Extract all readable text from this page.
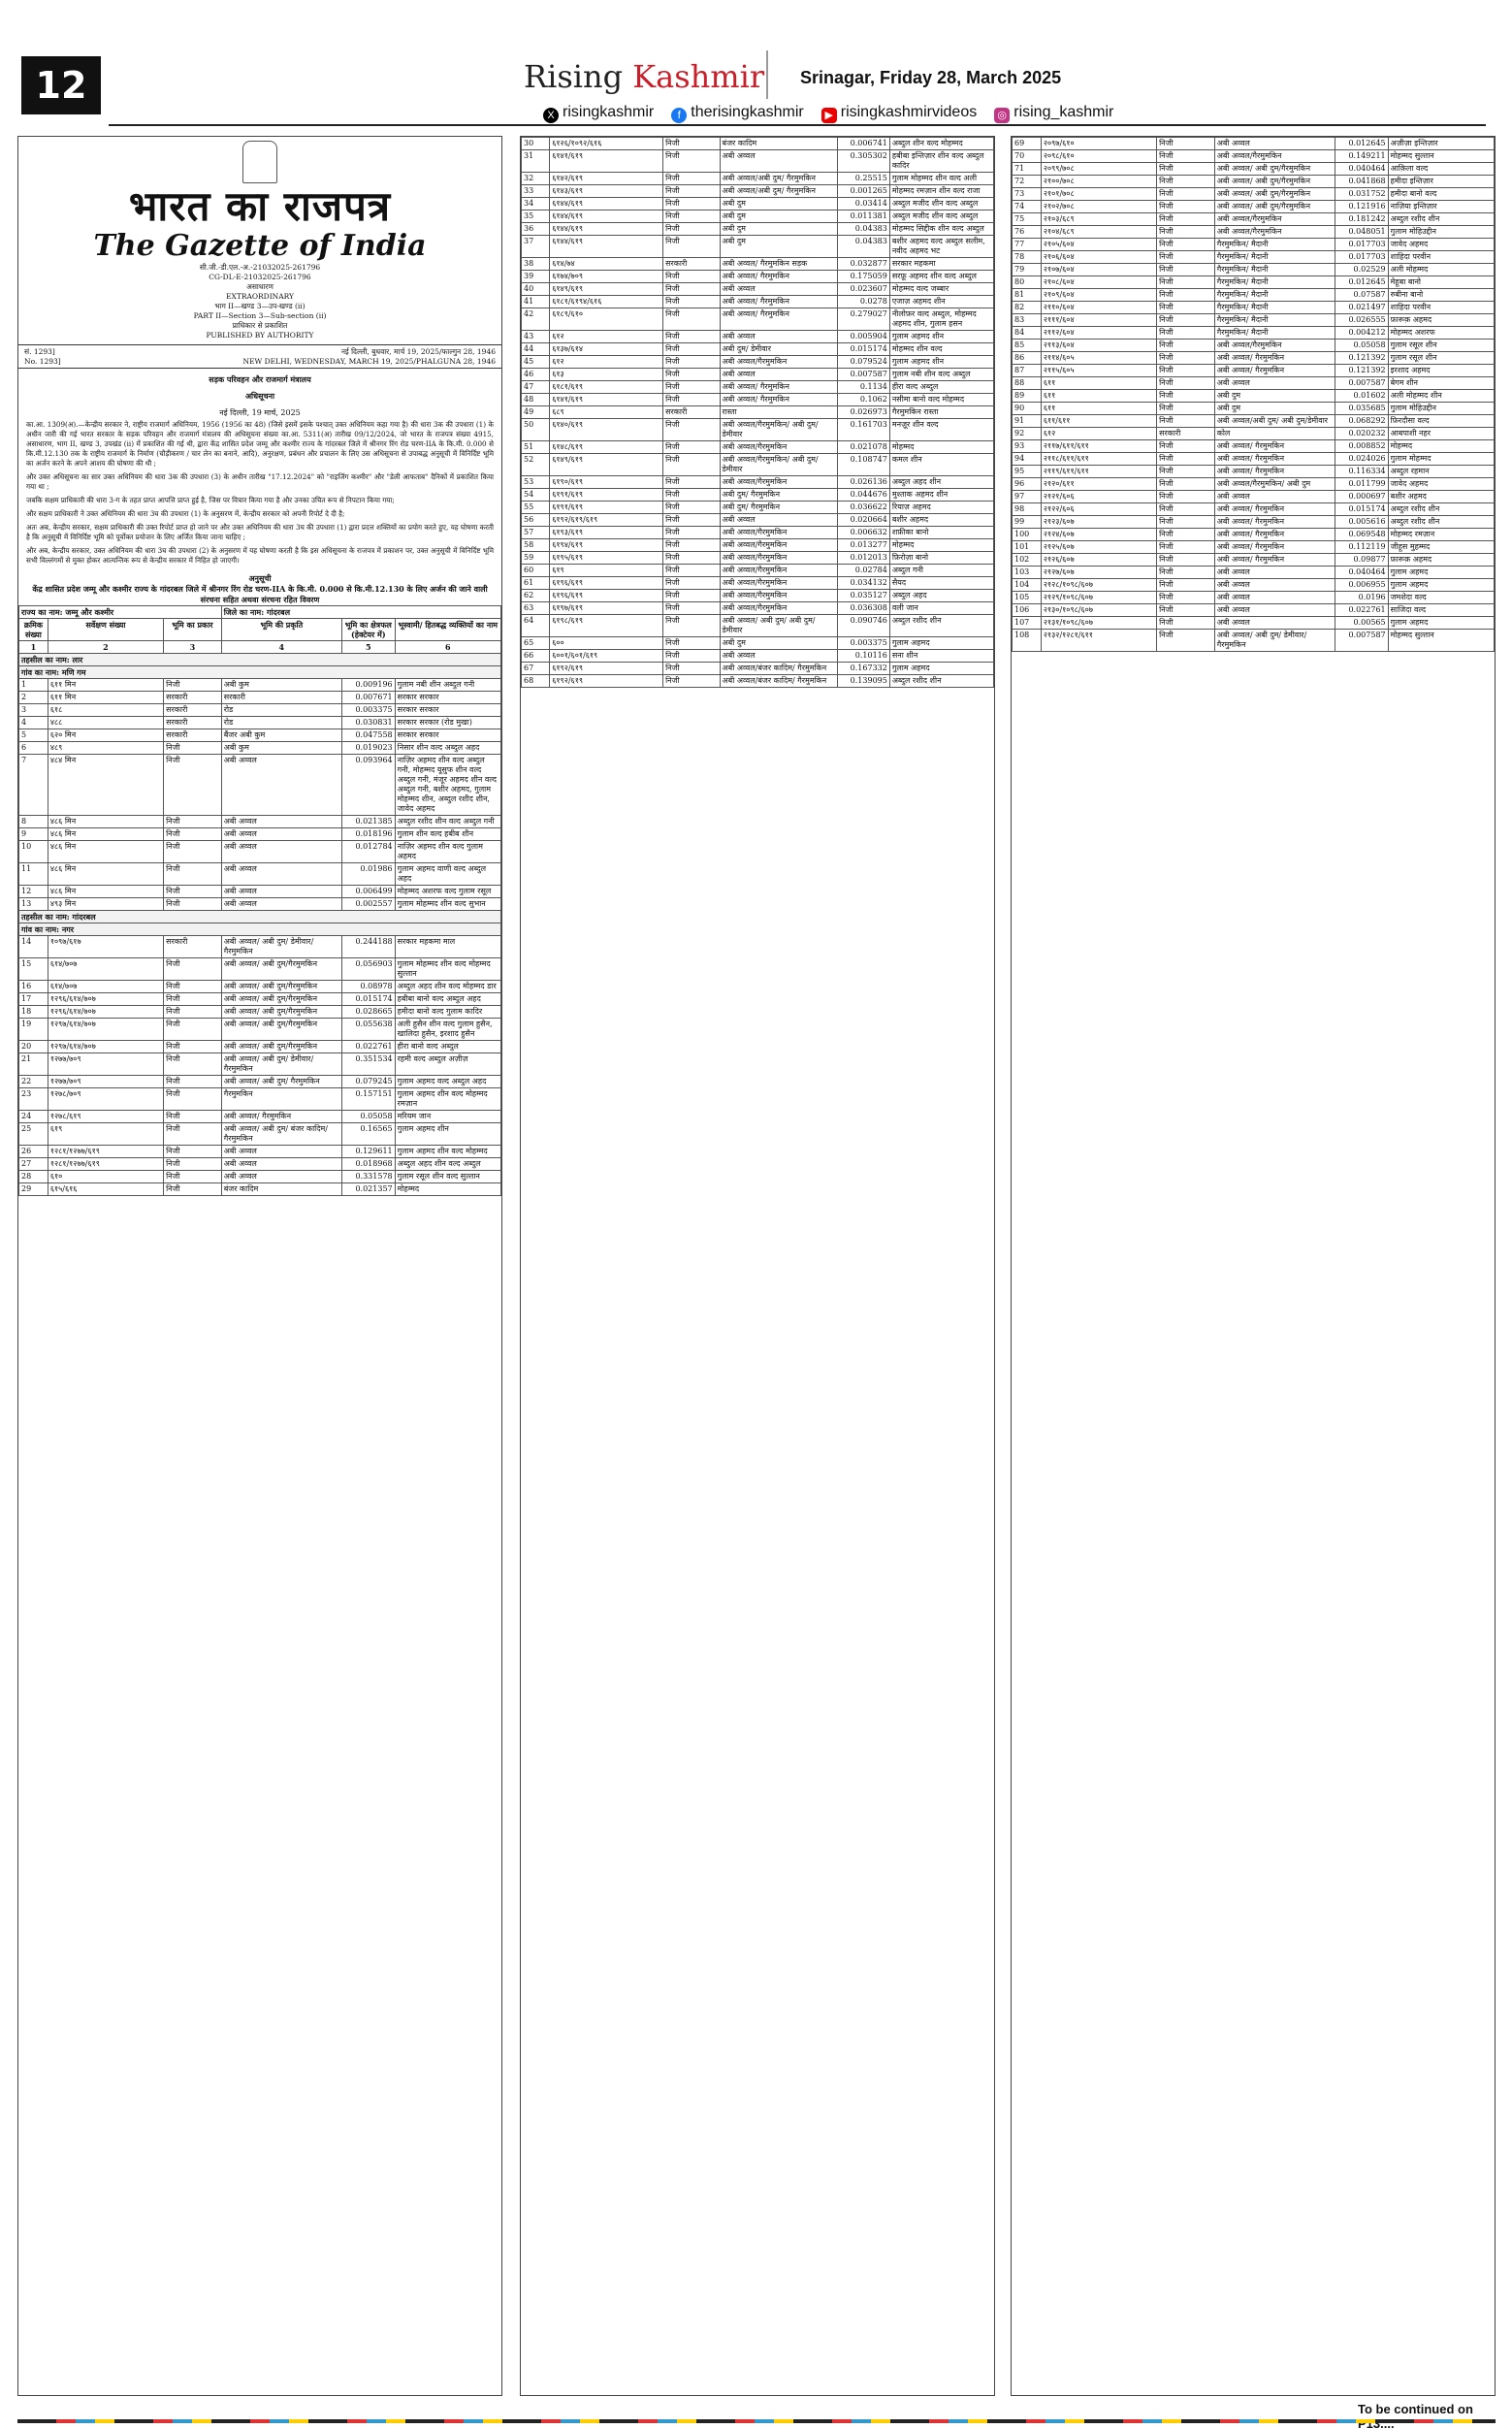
12	Rising Kashmir Srinagar, Friday 28, March 2025
X risingkashmir	f therisingkashmir	▶ risingkashmirvideos ◎ rising_kashmir
भारत का राजपत्र
The Gazette of India
सी.जी.-डी.एल.-अ.-21032025-261796
CG-DL-E-21032025-261796
असाधारण
EXTRAORDINARY
भाग II—खण्ड 3—उप-खण्ड (ii)
PART II—Section 3—Sub-section (ii)
प्राधिकार से प्रकाशित
PUBLISHED BY AUTHORITY
सं. 1293]
No. 1293]
नई दिल्ली, बुधवार, मार्च 19, 2025/फाल्गुन 28, 1946
NEW DELHI, WEDNESDAY, MARCH 19, 2025/PHALGUNA 28, 1946
सड़क परिवहन और राजमार्ग मंत्रालय
अधिसूचना
नई दिल्ली, 19 मार्च, 2025

का.आ. 1309(अ).—केन्द्रीय सरकार ने, राष्ट्रीय राजमार्ग अधिनियम, 1956 (1956 का 48) (जिसे इसमें इसके पश्चात् उक्त अधिनियम कहा गया है) की धारा 3क की उपधारा (1) के अधीन जारी की गई भारत सरकार के सड़क परिवहन और राजमार्ग मंत्रालय की अधिसूचना संख्या का.आ. 5311(अ) तारीख 09/12/2024, जो भारत के राजपत्र संख्या 4915, असाधारण, भाग II, खण्ड 3, उपखंड (ii) में प्रकाशित की गई थी, द्वारा केंद्र शासित प्रदेश जम्मू और कश्मीर राज्य के गांदरबल जिले में श्रीनगर रिंग रोड चरण-IIA के कि.मी. 0.000 से कि.मी.12.130 तक के राष्ट्रीय राजमार्ग के निर्माण (चौड़ीकरण / चार लेन का बनाने, आदि), अनुरक्षण, प्रबंधन और प्रचालन के लिए उस अधिसूचना से उपाबद्ध अनुसूची में विनिर्दिष्ट भूमि का अर्जन करने के अपने आशय की घोषणा की थी ;

और उक्त अधिसूचना का सार उक्त अधिनियम की धारा 3क की उपधारा (3) के अधीन तारीख "17.12.2024" को "राइजिंग कश्मीर" और "डेली आफताब" दैनिकों में प्रकाशित किया गया था ;

जबकि सक्षम प्राधिकारी की धारा 3-ग के तहत प्राप्त आपत्ति प्राप्त हुई है, जिस पर विचार किया गया है और उनका उचित रूप से निपटान किया गया;

और सक्षम प्राधिकारी ने उक्त अधिनियम की धारा 3घ की उपधारा (1) के अनुसरण में, केन्द्रीय सरकार को अपनी रिपोर्ट दे दी है;

अतः अब, केन्द्रीय सरकार, सक्षम प्राधिकारी की उक्त रिपोर्ट प्राप्त हो जाने पर और उक्त अधिनियम की धारा 3घ की उपधारा (1) द्वारा प्रदत्त शक्तियों का प्रयोग करते हुए, यह घोषणा करती है कि अनुसूची में विनिर्दिष्ट भूमि को पूर्वोक्त प्रयोजन के लिए अर्जित किया जाना चाहिए ;

और अब, केन्द्रीय सरकार, उक्त अधिनियम की धारा 3घ की उपधारा (2) के अनुसरण में यह घोषणा करती है कि इस अधिसूचना के राजपत्र में प्रकाशन पर, उक्त अनुसूची में विनिर्दिष्ट भूमि सभी विल्लंगमों से मुक्त होकर आत्यन्तिक रूप से केन्द्रीय सरकार में निहित हो जाएगी।

अनुसूची
केंद्र शासित प्रदेश जम्मू और कश्मीर राज्य के गांदरबल जिले में श्रीनगर रिंग रोड चरण-IIA के कि.मी. 0.000 से कि.मी.12.130 के लिए अर्जन की जाने वाली संरचना सहित अथवा संरचना रहित विवरण
राज्य का नाम: जम्मू और कश्मीर			जिले का नाम: गांदरबल		
क्रमिक संख्या	सर्वेक्षण संख्या	भूमि का प्रकार	भूमि की प्रकृति	भूमि का क्षेत्रफल (हेक्टेयर में)	भूस्वामी/ हितबद्ध व्यक्तियों का नाम
1	2	3	4	5	6
तहसील का नाम: लार					
गांव का नाम: मणि गम					
1	६११ मिन	निजी	अबी कुम	0.009196	गुलाम नबी शीन अब्दुल गनी
2	६११ मिन	सरकारी	सरकारी	0.007671	सरकार सरकार
3	६१८	सरकारी	रोड	0.003375	सरकार सरकार
4	४८८	सरकारी	रोड	0.030831	सरकार सरकार (रोड मुखा)
5	६२० मिन	सरकारी	बैंजर अबी कुम	0.047558	सरकार सरकार
6	४८९	निजी	अबी कुम	0.019023	निसार शीन वल्द अब्दुल अहद
7	४८४ मिन	निजी	अबी अव्वल	0.093964	नाज़िर अहमद शीन वल्द अब्दुल गनी, मोहम्मद यूसुफ शीन वल्द अब्दुल गनी, मंजूर अहमद शीन वल्द अब्दुल गनी, बशीर अहमद, गुलाम मोहम्मद शीन, अब्दुल रशीद शीन, जावेद अहमद
8	४८६ मिन	निजी	अबी अव्वल	0.021385	अब्दुल रशीद शीन वल्द अब्दुल गनी
9	४८६ मिन	निजी	अबी अव्वल	0.018196	गुलाम शीन वल्द हबीब शीन
10	४८६ मिन	निजी	अबी अव्वल	0.012784	नाज़िर अहमद शीन वल्द गुलाम अहमद
11	४८६ मिन	निजी	अबी अव्वल	0.01986	गुलाम अहमद वाणी वल्द अब्दुल अहद
12	४८६ मिन	निजी	अबी अव्वल	0.006499	मोहम्मद अशरफ वल्द गुलाम रसूल
13	४९३ मिन	निजी	अबी अव्वल	0.002557	गुलाम मोहम्मद शीन वल्द सुभान
तहसील का नाम: गांदरबल					
गांव का नाम: नगर					
14	१०९७/६१७	सरकारी	अबी अव्वल/ अबी दुम/ डेमीवार/ गैरमुमकिन	0.244188	सरकार महकमा माल
15	६१४/७०७	निजी	अबी अव्वल/ अबी दुम/गैरमुमकिन	0.056903	गुलाम मोहम्मद शीन वल्द मोहम्मद सुल्तान
16	६१४/७०७	निजी	अबी अव्वल/ अबी दुम/गैरमुमकिन	0.08978	अब्दुल अहद शीन वल्द मोहम्मद डार
17	१२९६/६१४/७०७	निजी	अबी अव्वल/ अबी दुम/गैरमुमकिन	0.015174	हबीबा बानो वल्द अब्दुल अहद
18	१२९६/६१४/७०७	निजी	अबी अव्वल/ अबी दुम/गैरमुमकिन	0.028665	हमीदा बानो वल्द गुलाम कादिर
19	१२९७/६१४/७०७	निजी	अबी अव्वल/ अबी दुम/गैरमुमकिन	0.055638	अली हुसैन शीन वल्द गुलाम हुसैन, खालिदा हुसैन, इरशाद हुसैन
20	१२९७/६१४/७०७	निजी	अबी अव्वल/ अबी दुम/गैरमुमकिन	0.022761	हीरा बानो वल्द अब्दुल
21	१२७७/७०९	निजी	अबी अव्वल/ अबी दुम/ डेमीवार/ गैरमुमकिन	0.351534	रहमी वल्द अब्दुल अज़ीज़
22	१२७७/७०९	निजी	अबी अव्वल/ अबी दुम/ गैरमुमकिन	0.079245	गुलाम अहमद वल्द अब्दुल अहद
23	१२७८/७०९	निजी	गैरमुमकिन	0.157151	गुलाम अहमद शीन वल्द मोहम्मद रमज़ान
24	१२७८/६१९	निजी	अबी अव्वल/ गैरमुमकिन	0.05058	मरियम जान
25	६१९	निजी	अबी अव्वल/ अबी दुम/ बंजर कादिम/ गैरमुमकिन	0.16565	गुलाम अहमद शीन
26	१२८१/१२७७/६१९	निजी	अबी अव्वल	0.129611	गुलाम अहमद शीन वल्द मोहम्मद
27	१२८१/१२७७/६१९	निजी	अबी अव्वल	0.018968	अब्दुल अहद शीन वल्द अब्दुल
28	६१०	निजी	अबी अव्वल	0.331578	गुलाम रसूल शीन वल्द सुल्तान
29	६१५/६१६	निजी	बंजर कादिम	0.021357	मोहम्मद
30	६१२६/१०९२/६१६	निजी	बंजर कादिम	0.006741	अब्दुल शीन वल्द मोहम्मद
31	६१४१/६१९	निजी	अबी अव्वल	0.305302	हबीबा इन्तिज़ार शीन वल्द अब्दुल कादिर
32	६१४२/६१९	निजी	अबी अव्वल/अबी दुम/ गैरमुमकिन	0.25515	गुलाम मोहम्मद शीन वल्द अली
33	६१४३/६१९	निजी	अबी अव्वल/अबी दुम/ गैरमुमकिन	0.001265	मोहम्मद रमज़ान शीन वल्द राजा
34	६१४४/६१९	निजी	अबी दुम	0.03414	अब्दुल मजीद शीन वल्द अब्दुल
35	६१४४/६१९	निजी	अबी दुम	0.011381	अब्दुल मजीद शीन वल्द अब्दुल
36	६१४४/६१९	निजी	अबी दुम	0.04383	मोहम्मद सिद्दीक शीन वल्द अब्दुल
37	६१४४/६१९	निजी	अबी दुम	0.04383	बशीर अहमद वल्द अब्दुल सलीम, नवीद अहमद भट
38	६१४/७४	सरकारी	अबी अव्वल/ गैरमुमकिन सड़क	0.032877	सरकार महकमा
39	६१७४/७०९	निजी	अबी अव्वल/ गैरमुमकिन	0.175059	सरफ़ू अहमद शीन वल्द अब्दुल
40	६१४९/६१९	निजी	अबी अव्वल	0.023607	मोहम्मद वल्द जब्बार
41	६१८१/६१९४/६१६	निजी	अबी अव्वल/ गैरमुमकिन	0.0278	एजाज़ अहमद शीन
42	६१८९/६१०	निजी	अबी अव्वल/ गैरमुमकिन	0.279027	नीलोफ़र वल्द अब्दुल, मोहम्मद अहमद शीन, गुलाम हसन
43	६१२	निजी	अबी अव्वल	0.005904	गुलाम अहमद शीन
44	६१३७/६१४	निजी	अबी दुम/ डेमीवार	0.015174	मोहम्मद शीन वल्द
45	६१२	निजी	अबी अव्वल/गैरमुमकिन	0.079524	गुलाम अहमद शीन
46	६१३	निजी	अबी अव्वल	0.007587	गुलाम नबी शीन वल्द अब्दुल
47	६१८१/६१९	निजी	अबी अव्वल/ गैरमुमकिन	0.1134	हीरा वल्द अब्दुल
48	६१४१/६१९	निजी	अबी अव्वल/ गैरमुमकिन	0.1062	नसीमा बानो वल्द मोहम्मद
49	६८९	सरकारी	रास्ता	0.026973	गैरमुमकिन रास्ता
50	६१४०/६१९	निजी	अबी अव्वल/गैरमुमकिन/ अबी दुम/डेमीवार	0.161703	मनज़ूर शीन वल्द
51	६१४८/६१९	निजी	अबी अव्वल/गैरमुमकिन	0.021078	मोहम्मद
52	६१४९/६१९	निजी	अबी अव्वल/गैरमुमकिन/ अबी दुम/डेमीवार	0.108747	कमल शीन
53	६१९०/६१९	निजी	अबी अव्वल/गैरमुमकिन	0.026136	अब्दुल अहद शीन
54	६१९१/६१९	निजी	अबी दुम/ गैरमुमकिन	0.044676	मुश्ताक अहमद शीन
55	६१९१/६१९	निजी	अबी दुम/ गैरमुमकिन	0.036622	रियाज़ अहमद
56	६१९२/६१९/६१९	निजी	अबी अव्वल	0.020664	बशीर अहमद
57	६१९३/६१९	निजी	अबी अव्वल/गैरमुमकिन	0.006632	शफ़ीका बानो
58	६१९४/६१९	निजी	अबी अव्वल/गैरमुमकिन	0.013277	मोहम्मद
59	६१९५/६१९	निजी	अबी अव्वल/गैरमुमकिन	0.012013	फ़िरोज़ा बानो
60	६१९	निजी	अबी अव्वल/गैरमुमकिन	0.02784	अब्दुल गनी
61	६१९६/६१९	निजी	अबी अव्वल/गैरमुमकिन	0.034132	सैयद
62	६१९६/६१९	निजी	अबी अव्वल/गैरमुमकिन	0.035127	अब्दुल अहद
63	६१९७/६१९	निजी	अबी अव्वल/गैरमुमकिन	0.036308	वली जान
64	६१९८/६१९	निजी	अबी अव्वल/ अबी दुम/ अबी दुम/डेमीवार	0.090746	अब्दुल रशीद शीन
65	६००	निजी	अबी दुम	0.003375	गुलाम अहमद
66	६००१/६०१/६१९	निजी	अबी अव्वल	0.10116	सना शीन
67	६१९२/६१९	निजी	अबी अव्वल/बंजर कादिम/ गैरमुमकिन	0.167332	गुलाम अहमद
68	६१९२/६१९	निजी	अबी अव्वल/बंजर कादिम/ गैरमुमकिन	0.139095	अब्दुल रशीद शीन
69	२०९७/६१०	निजी	अबी अव्वल	0.012645	अज़ीज़ा इन्तिज़ार
70	२०९८/६१०	निजी	अबी अव्वल/गैरमुमकिन	0.149211	मोहम्मद सुल्तान
71	२०९९/७०८	निजी	अबी अव्वल/ अबी दुम/गैरमुमकिन	0.040464	आक़िला वल्द
72	२१००/७०८	निजी	अबी अव्वल/ अबी दुम/गैरमुमकिन	0.041868	हमीदा इन्तिज़ार
73	२१०१/७०८	निजी	अबी अव्वल/ अबी दुम/गैरमुमकिन	0.031752	हमीदा बानो वल्द
74	२१०२/७०८	निजी	अबी अव्वल/ अबी दुम/गैरमुमकिन	0.121916	नाज़िया इन्तिज़ार
75	२१०३/६८९	निजी	अबी अव्वल/गैरमुमकिन	0.181242	अब्दुल रशीद शीन
76	२१०४/६८९	निजी	अबी अव्वल/गैरमुमकिन	0.048051	गुलाम मोहिउद्दीन
77	२१०५/६०४	निजी	गैरमुमकिन/ मैदानी	0.017703	जावेद अहमद
78	२१०६/६०४	निजी	गैरमुमकिन/ मैदानी	0.017703	शाहिदा परवीन
79	२१०७/६०४	निजी	गैरमुमकिन/ मैदानी	0.02529	अली मोहम्मद
80	२१०८/६०४	निजी	गैरमुमकिन/ मैदानी	0.012645	मेहूबा बानो
81	२१०९/६०४	निजी	गैरमुमकिन/ मैदानी	0.07587	रुबीना बानो
82	२११०/६०४	निजी	गैरमुमकिन/ मैदानी	0.021497	शाहिदा परवीन
83	२१११/६०४	निजी	गैरमुमकिन/ मैदानी	0.026555	फ़ारूक़ अहमद
84	२११२/६०४	निजी	गैरमुमकिन/ मैदानी	0.004212	मोहम्मद अशरफ
85	२११३/६०४	निजी	अबी अव्वल/गैरमुमकिन	0.05058	गुलाम रसूल शीन
86	२११४/६०५	निजी	अबी अव्वल/ गैरमुमकिन	0.121392	गुलाम रसूल शीन
87	२११५/६०५	निजी	अबी अव्वल/ गैरमुमकिन	0.121392	इरशाद अहमद
88	६११	निजी	अबी अव्वल	0.007587	बेगम शीन
89	६११	निजी	अबी दुम	0.01602	अली मोहम्मद शीन
90	६११	निजी	अबी दुम	0.035685	गुलाम मोहिउद्दीन
91	६११/६११	निजी	अबी अव्वल/अबी दुम/ अबी दुम/डेमीवार	0.068292	फ़िरदौसा वल्द
92	६१२	सरकारी	कोल	0.020232	आबपाशी नहर
93	२११७/६११/६११	निजी	अबी अव्वल/ गैरमुमकिन	0.008852	मोहम्मद
94	२११८/६११/६११	निजी	अबी अव्वल/ गैरमुमकिन	0.024026	गुलाम मोहम्मद
95	२११९/६११/६११	निजी	अबी अव्वल/ गैरमुमकिन	0.116334	अब्दुल रहमान
96	२१२०/६११	निजी	अबी अव्वल/गैरमुमकिन/ अबी दुम	0.011799	जावेद अहमद
97	२१२१/६०६	निजी	अबी अव्वल	0.000697	बशीर अहमद
98	२१२२/६०६	निजी	अबी अव्वल/ गैरमुमकिन	0.015174	अब्दुल रशीद शीन
99	२१२३/६०७	निजी	अबी अव्वल/ गैरमुमकिन	0.005616	अब्दुल रशीद शीन
100	२१२४/६०७	निजी	अबी अव्वल/ गैरमुमकिन	0.069548	मोहम्मद रमज़ान
101	२१२५/६०७	निजी	अबी अव्वल/ गैरमुमकिन	0.112119	जीहूस मुहम्मद
102	२१२६/६०७	निजी	अबी अव्वल/ गैरमुमकिन	0.09877	फ़ारूक़ अहमद
103	२१२७/६०७	निजी	अबी अव्वल	0.040464	गुलाम अहमद
104	२१२८/१०९८/६०७	निजी	अबी अव्वल	0.006955	गुलाम अहमद
105	२१२९/१०९८/६०७	निजी	अबी अव्वल	0.0196	जमशेदा वल्द
106	२१३०/१०९८/६०७	निजी	अबी अव्वल	0.022761	साजिदा वल्द
107	२१३१/१०९८/६०७	निजी	अबी अव्वल	0.00565	गुलाम अहमद
108	२१३२/१२८१/६११	निजी	अबी अव्वल/ अबी दुम/ डेमीवार/ गैरमुमकिन	0.007587	मोहम्मद सुल्तान
To be continued on
